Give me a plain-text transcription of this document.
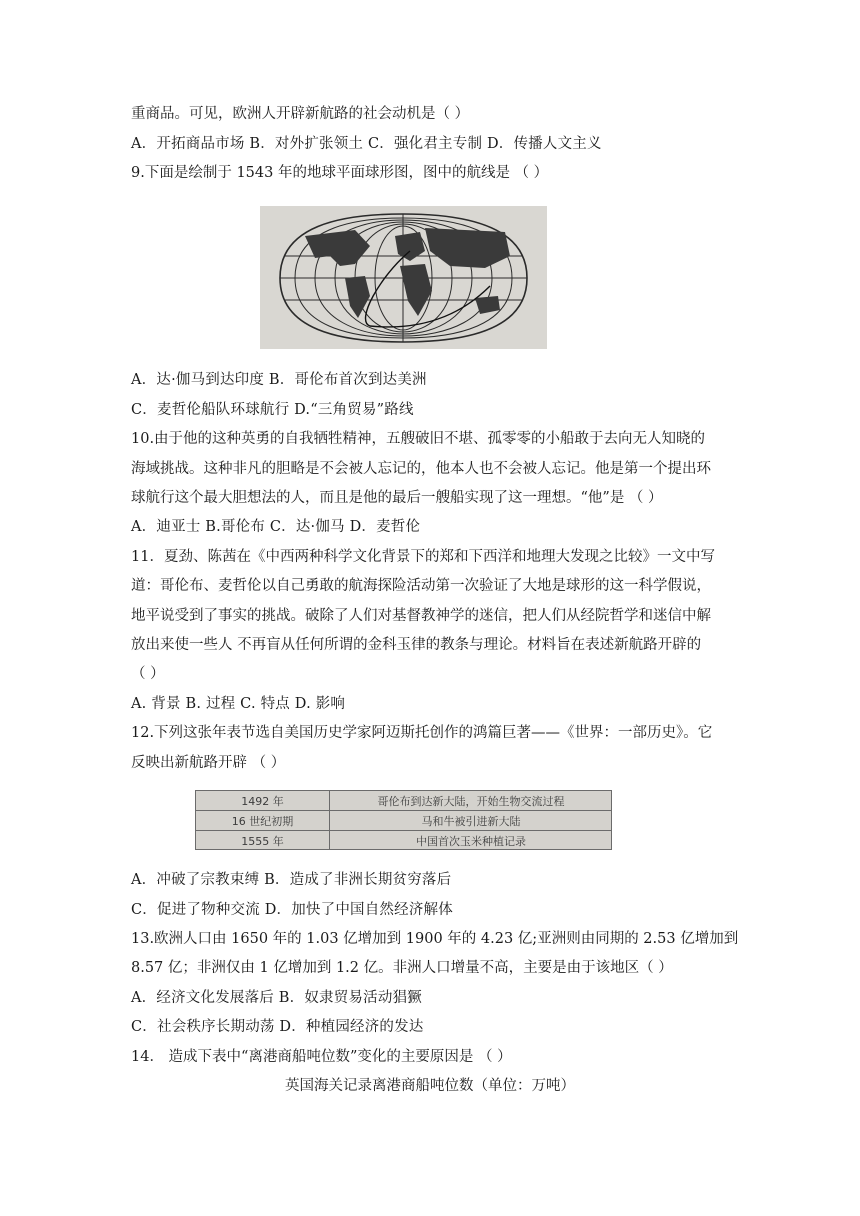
重商品。可见，欧洲人开辟新航路的社会动机是（ ）
A．开拓商品市场 B．对外扩张领土 C．强化君主专制 D．传播人文主义
9.下面是绘制于 1543 年的地球平面球形图，图中的航线是 （ ）
A．达·伽马到达印度 B．哥伦布首次到达美洲
C．麦哲伦船队环球航行 D.“三角贸易”路线
10.由于他的这种英勇的自我牺牲精神，五艘破旧不堪、孤零零的小船敢于去向无人知晓的
海域挑战。这种非凡的胆略是不会被人忘记的，他本人也不会被人忘记。他是第一个提出环
球航行这个最大胆想法的人，而且是他的最后一艘船实现了这一理想。“他”是 （ ）
A．迪亚士 B.哥伦布 C．达·伽马 D．麦哲伦
11．夏劲、陈茜在《中西两种科学文化背景下的郑和下西洋和地理大发现之比较》一文中写
道：哥伦布、麦哲伦以自己勇敢的航海探险活动第一次验证了大地是球形的这一科学假说，
地平说受到了事实的挑战。破除了人们对基督教神学的迷信，把人们从经院哲学和迷信中解
放出来使一些人 不再盲从任何所谓的金科玉律的教条与理论。材料旨在表述新航路开辟的
（ ）
A. 背景 B. 过程 C. 特点 D. 影响
12.下列这张年表节选自美国历史学家阿迈斯托创作的鸿篇巨著——《世界：一部历史》。它
反映出新航路开辟 （ ）
1492 年	哥伦布到达新大陆，开始生物交流过程
16 世纪初期	马和牛被引进新大陆
1555 年	中国首次玉米种植记录
A．冲破了宗教束缚 B．造成了非洲长期贫穷落后
C．促进了物种交流 D．加快了中国自然经济解体
13.欧洲人口由 1650 年的 1.03 亿增加到 1900 年的 4.23 亿;亚洲则由同期的 2.53 亿增加到
8.57 亿；非洲仅由 1 亿增加到 1.2 亿。非洲人口增量不高，主要是由于该地区（ ）
A．经济文化发展落后 B．奴隶贸易活动猖獗
C．社会秩序长期动荡 D．种植园经济的发达
14． 造成下表中“离港商船吨位数”变化的主要原因是 （ ）
英国海关记录离港商船吨位数（单位：万吨）
